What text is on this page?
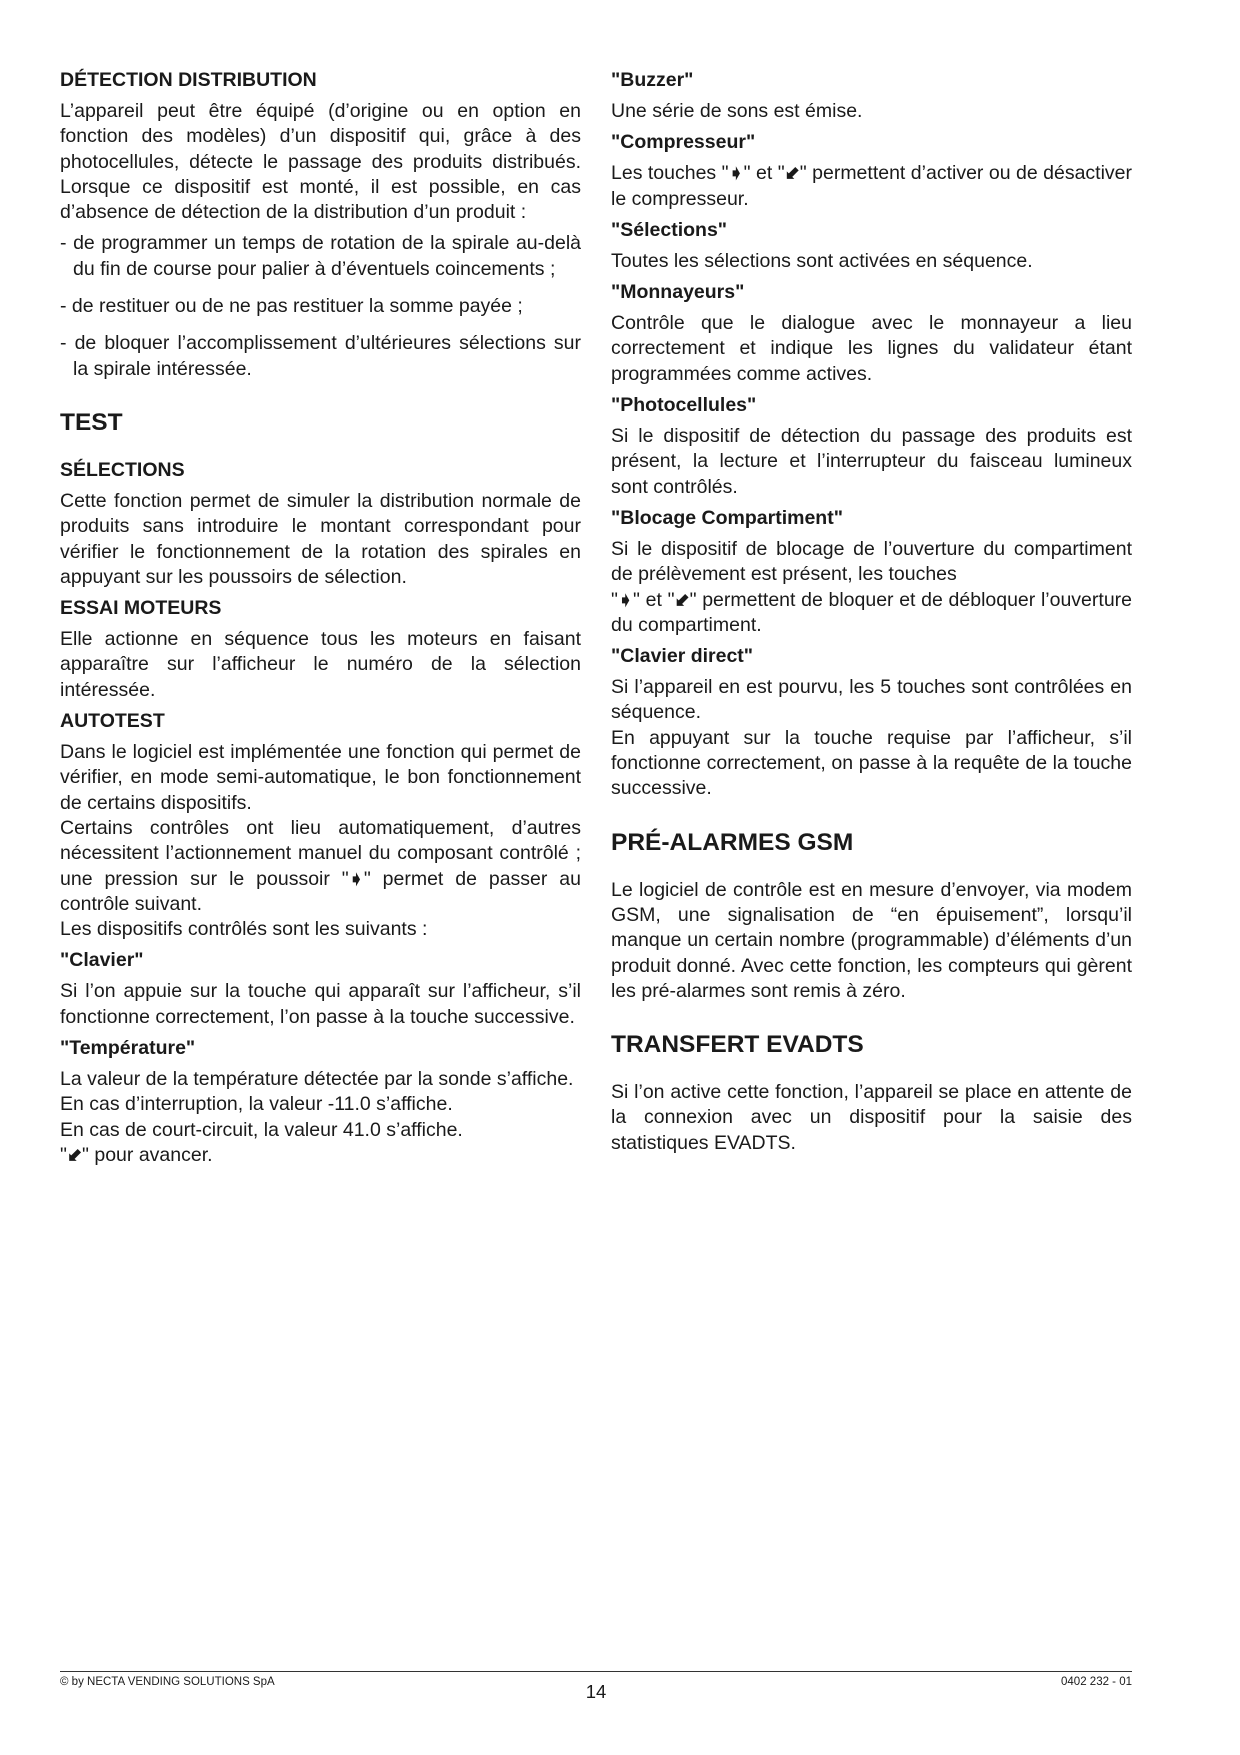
DÉTECTION DISTRIBUTION

L’appareil peut être équipé (d’origine ou en option en fonction des modèles) d’un dispositif qui, grâce à des photocellules, détecte le passage des produits distribués. Lorsque ce dispositif est monté, il est possible, en cas d’absence de détection de la distribution d’un produit :

- de programmer un temps de rotation de la spirale au-delà du fin de course pour palier à d’éventuels coincements ;
- de restituer ou de ne pas restituer la somme payée ;
- de bloquer l’accomplissement d’ultérieures sélections sur la spirale intéressée.
TEST
SÉLECTIONS

Cette fonction permet de simuler la distribution normale de produits sans introduire le montant correspondant pour vérifier le fonctionnement de la rotation des spirales en appuyant sur les poussoirs de sélection.

ESSAI MOTEURS

Elle actionne en séquence tous les moteurs en faisant apparaître sur l’afficheur le numéro de la sélection intéressée.

AUTOTEST

Dans le logiciel est implémentée une fonction qui permet de vérifier, en mode semi-automatique, le bon fonctionnement de certains dispositifs.

Certains contrôles ont lieu automatiquement, d’autres nécessitent l’actionnement manuel du composant contrôlé ; une pression sur le poussoir "➧" permet de passer au contrôle suivant.

Les dispositifs contrôlés sont les suivants :

"Clavier"

Si l’on appuie sur la touche qui apparaît sur l’afficheur, s’il fonctionne correctement, l’on passe à la touche successive.

"Température"

La valeur de la température détectée par la sonde s’affiche.

En cas d’interruption, la valeur -11.0 s’affiche.

En cas de court-circuit, la valeur 41.0 s’affiche.

"⬋" pour avancer.

"Buzzer"

Une série de sons est émise.

"Compresseur"

Les touches "➧" et "⬋" permettent d’activer ou de désactiver le compresseur.

"Sélections"

Toutes les sélections sont activées en séquence.

"Monnayeurs"

Contrôle que le dialogue avec le monnayeur a lieu correctement et indique les lignes du validateur étant programmées comme actives.

"Photocellules"

Si le dispositif de détection du passage des produits est présent, la lecture et l’interrupteur du faisceau lumineux sont contrôlés.

"Blocage Compartiment"

Si le dispositif de blocage de l’ouverture du compartiment de prélèvement est présent, les touches

"➧" et "⬋" permettent de bloquer et de débloquer l’ouverture du compartiment.

"Clavier direct"

Si l’appareil en est pourvu, les 5 touches sont contrôlées en séquence.

En appuyant sur la touche requise par l’afficheur, s’il fonctionne correctement, on passe à la requête de la touche successive.

PRÉ-ALARMES GSM

Le logiciel de contrôle est en mesure d’envoyer, via modem GSM, une signalisation de “en épuisement”, lorsqu’il manque un certain nombre (programmable) d’éléments d’un produit donné. Avec cette fonction, les compteurs qui gèrent les pré-alarmes sont remis à zéro.

TRANSFERT EVADTS

Si l’on active cette fonction, l’appareil se place en attente de la connexion avec un dispositif pour la saisie des statistiques EVADTS.

© by NECTA VENDING SOLUTIONS SpA	14	0402 232 - 01
